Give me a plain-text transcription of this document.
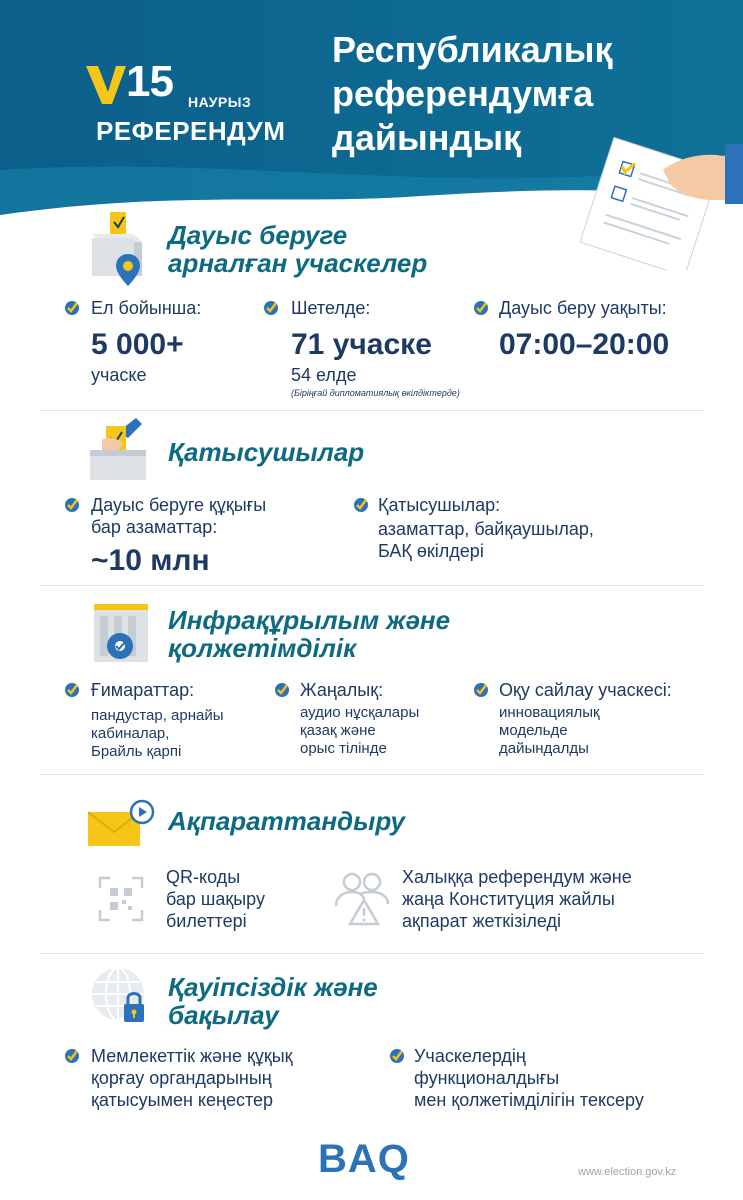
15 НАУРЫЗ
РЕФЕРЕНДУМ
Республикалық референдумға дайындық
Дауыс беруге арналған учаскелер
Ел бойынша:
5 000+
учаске
Шетелде:
71 учаске
54 елде
(Біріңғай дипломатиялық өкілдіктерде)
Дауыс беру уақыты:
07:00–20:00
Қатысушылар
Дауыс беруге құқығы
бар азаматтар:
~10 млн
Қатысушылар:
азаматтар, байқаушылар,
БАҚ өкілдері
Инфрақұрылым және қолжетімділік
Ғимараттар:
пандустар, арнайы
кабиналар,
Брайль қарпі
Жаңалық:
аудио нұсқалары
қазақ және
орыс тілінде
Оқу сайлау учаскесі:
инновациялық
модельде
дайындалды
Ақпараттандыру
QR-коды
бар шақыру
билеттері
Халыққа референдум және
жаңа Конституция жайлы
ақпарат жеткізіледі
Қауіпсіздік және бақылау
Мемлекеттік және құқық
қорғау органдарының
қатысуымен кеңестер
Учаскелердің
функционалдығы
мен қолжетімділігін тексеру
BAQ	www.election.gov.kz
